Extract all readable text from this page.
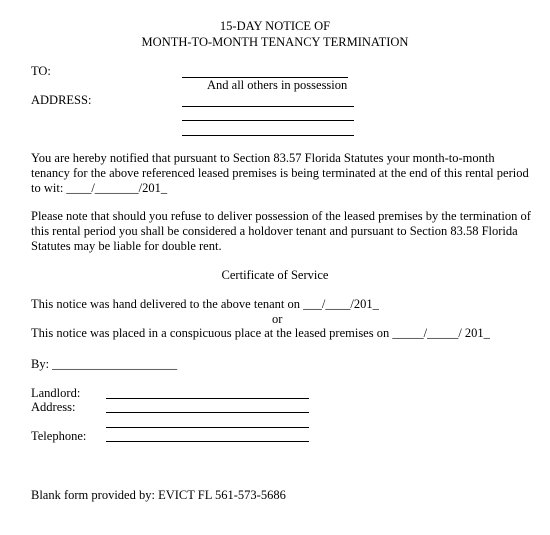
15-DAY NOTICE OF
MONTH-TO-MONTH TENANCY TERMINATION
TO:
And all others in possession
ADDRESS:
You are hereby notified that pursuant to Section 83.57 Florida Statutes your month-to-month tenancy for the above referenced leased premises is being terminated at the end of this rental period to wit: ____/_______/201_
Please note that should you refuse to deliver possession of the leased premises by the termination of this rental period you shall be considered a holdover tenant and pursuant to Section 83.58 Florida Statutes may be liable for double rent.
Certificate of Service
This notice was hand delivered to the above tenant on ___/____/201_
or
This notice was placed in a conspicuous place at the leased premises on _____/_____/ 201_
By: ____________________
Landlord:
Address:
Telephone:
Blank form provided by: EVICT FL 561-573-5686
